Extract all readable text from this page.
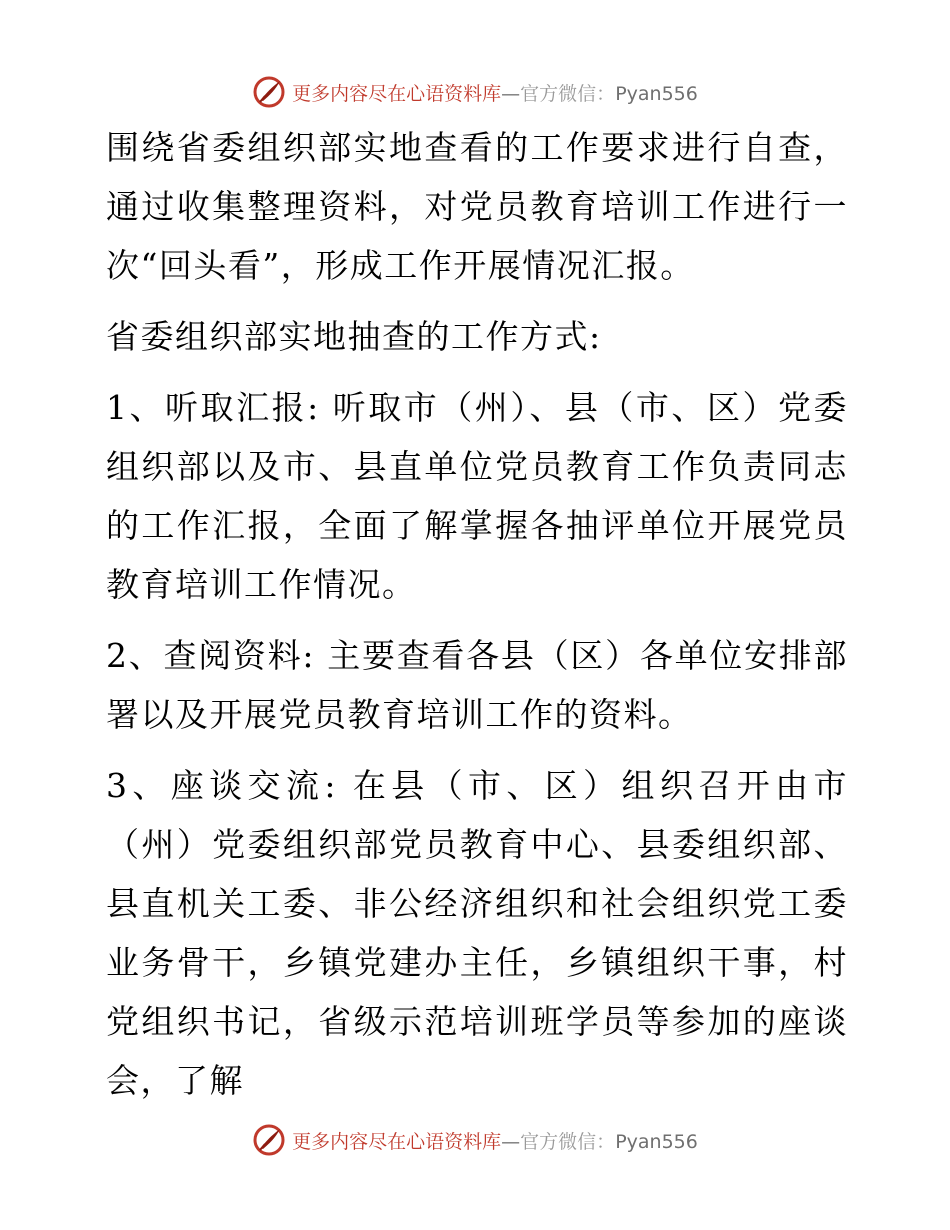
更多内容尽在心语资料库—官方微信：Pyan556

围绕省委组织部实地查看的工作要求进行自查，通过收集整理资料，对党员教育培训工作进行一次“回头看”，形成工作开展情况汇报。

省委组织部实地抽查的工作方式:

1、听取汇报: 听取市（州）、县（市、区）党委组织部以及市、县直单位党员教育工作负责同志的工作汇报，全面了解掌握各抽评单位开展党员教育培训工作情况。

2、查阅资料: 主要查看各县（区）各单位安排部署以及开展党员教育培训工作的资料。

3、座谈交流: 在县（市、区）组织召开由市（州）党委组织部党员教育中心、县委组织部、县直机关工委、非公经济组织和社会组织党工委业务骨干，乡镇党建办主任，乡镇组织干事，村党组织书记，省级示范培训班学员等参加的座谈会，了解

更多内容尽在心语资料库—官方微信：Pyan556
